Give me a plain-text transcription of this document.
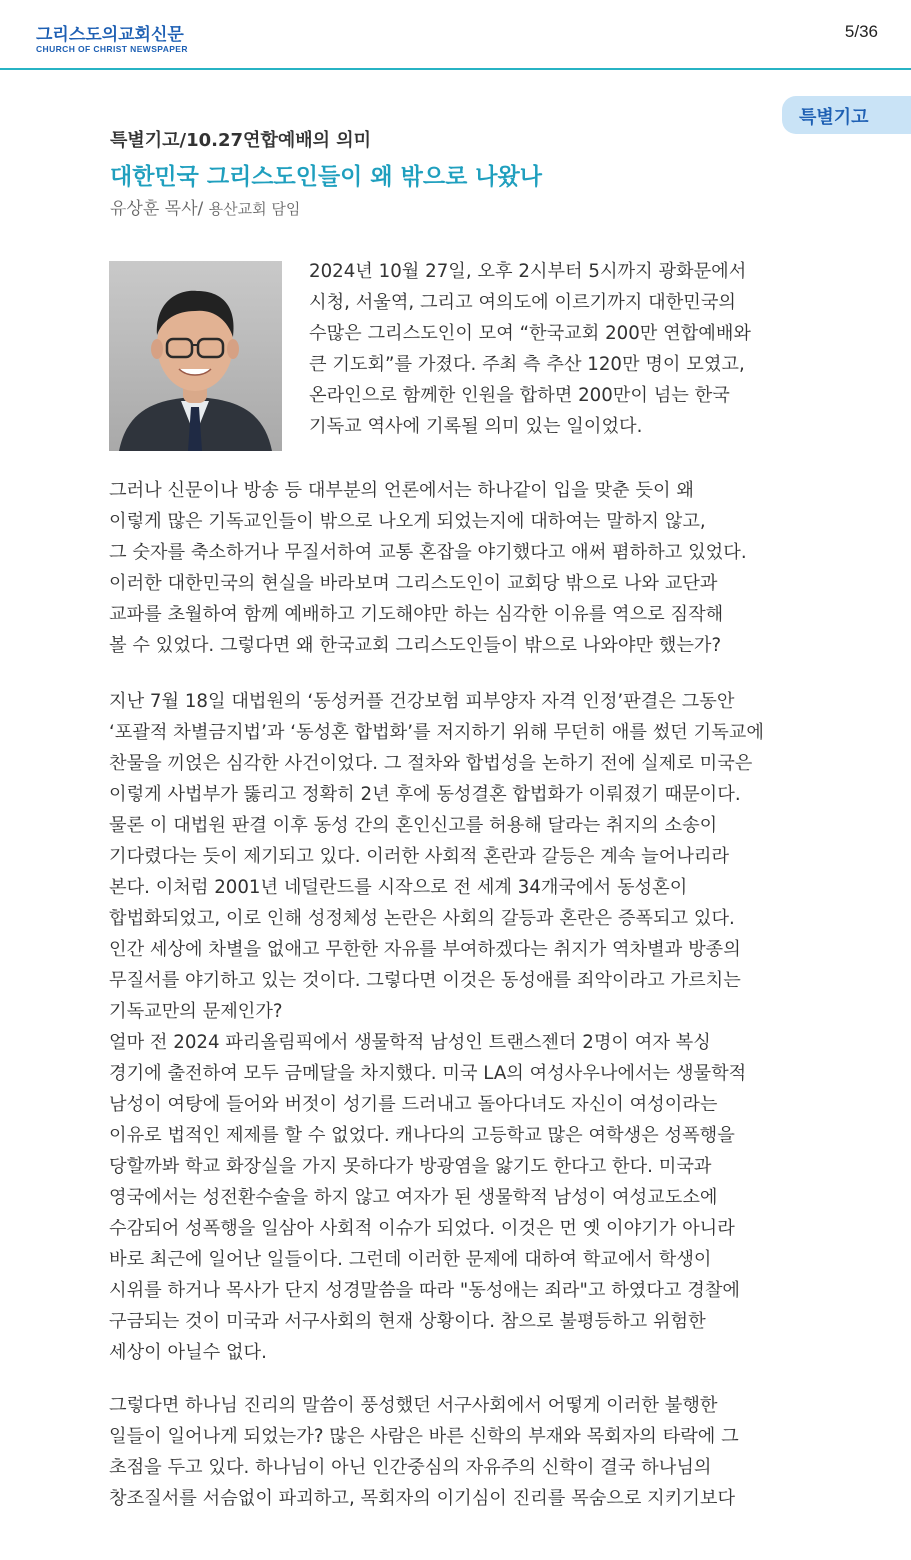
그리스도의교회신문
CHURCH OF CHRIST NEWSPAPER
5/36
특별기고
특별기고/10.27연합예배의 의미
대한민국 그리스도인들이 왜 밖으로 나왔나
유상훈 목사/ 용산교회 담임
2024년 10월 27일, 오후 2시부터 5시까지 광화문에서
시청, 서울역, 그리고 여의도에 이르기까지 대한민국의
수많은 그리스도인이 모여 “한국교회 200만 연합예배와
큰 기도회”를 가졌다. 주최 측 추산 120만 명이 모였고,
온라인으로 함께한 인원을 합하면 200만이 넘는 한국
기독교 역사에 기록될 의미 있는 일이었다.
그러나 신문이나 방송 등 대부분의 언론에서는 하나같이 입을 맞춘 듯이 왜
이렇게 많은 기독교인들이 밖으로 나오게 되었는지에 대하여는 말하지 않고,
그 숫자를 축소하거나 무질서하여 교통 혼잡을 야기했다고 애써 폄하하고 있었다.
이러한 대한민국의 현실을 바라보며 그리스도인이 교회당 밖으로 나와 교단과
교파를 초월하여 함께 예배하고 기도해야만 하는 심각한 이유를 역으로 짐작해
볼 수 있었다. 그렇다면 왜 한국교회 그리스도인들이 밖으로 나와야만 했는가?
지난 7월 18일 대법원의 ‘동성커플 건강보험 피부양자 자격 인정’판결은 그동안
‘포괄적 차별금지법’과 ‘동성혼 합법화’를 저지하기 위해 무던히 애를 썼던 기독교에
찬물을 끼얹은 심각한 사건이었다. 그 절차와 합법성을 논하기 전에 실제로 미국은
이렇게 사법부가 뚫리고 정확히 2년 후에 동성결혼 합법화가 이뤄졌기 때문이다.
물론 이 대법원 판결 이후 동성 간의 혼인신고를 허용해 달라는 취지의 소송이
기다렸다는 듯이 제기되고 있다. 이러한 사회적 혼란과 갈등은 계속 늘어나리라
본다. 이처럼 2001년 네덜란드를 시작으로 전 세계 34개국에서 동성혼이
합법화되었고, 이로 인해 성정체성 논란은 사회의 갈등과 혼란은 증폭되고 있다.
인간 세상에 차별을 없애고 무한한 자유를 부여하겠다는 취지가 역차별과 방종의
무질서를 야기하고 있는 것이다. 그렇다면 이것은 동성애를 죄악이라고 가르치는
기독교만의 문제인가?
얼마 전 2024 파리올림픽에서 생물학적 남성인 트랜스젠더 2명이 여자 복싱
경기에 출전하여 모두 금메달을 차지했다. 미국 LA의 여성사우나에서는 생물학적
남성이 여탕에 들어와 버젓이 성기를 드러내고 돌아다녀도 자신이 여성이라는
이유로 법적인 제제를 할 수 없었다. 캐나다의 고등학교 많은 여학생은 성폭행을
당할까봐 학교 화장실을 가지 못하다가 방광염을 앓기도 한다고 한다. 미국과
영국에서는 성전환수술을 하지 않고 여자가 된 생물학적 남성이 여성교도소에
수감되어 성폭행을 일삼아 사회적 이슈가 되었다. 이것은 먼 옛 이야기가 아니라
바로 최근에 일어난 일들이다. 그런데 이러한 문제에 대하여 학교에서 학생이
시위를 하거나 목사가 단지 성경말씀을 따라 "동성애는 죄라"고 하였다고 경찰에
구금되는 것이 미국과 서구사회의 현재 상황이다. 참으로 불평등하고 위험한
세상이 아닐수 없다.
그렇다면 하나님 진리의 말씀이 풍성했던 서구사회에서 어떻게 이러한 불행한
일들이 일어나게 되었는가? 많은 사람은 바른 신학의 부재와 목회자의 타락에 그
초점을 두고 있다. 하나님이 아닌 인간중심의 자유주의 신학이 결국 하나님의
창조질서를 서슴없이 파괴하고, 목회자의 이기심이 진리를 목숨으로 지키기보다
